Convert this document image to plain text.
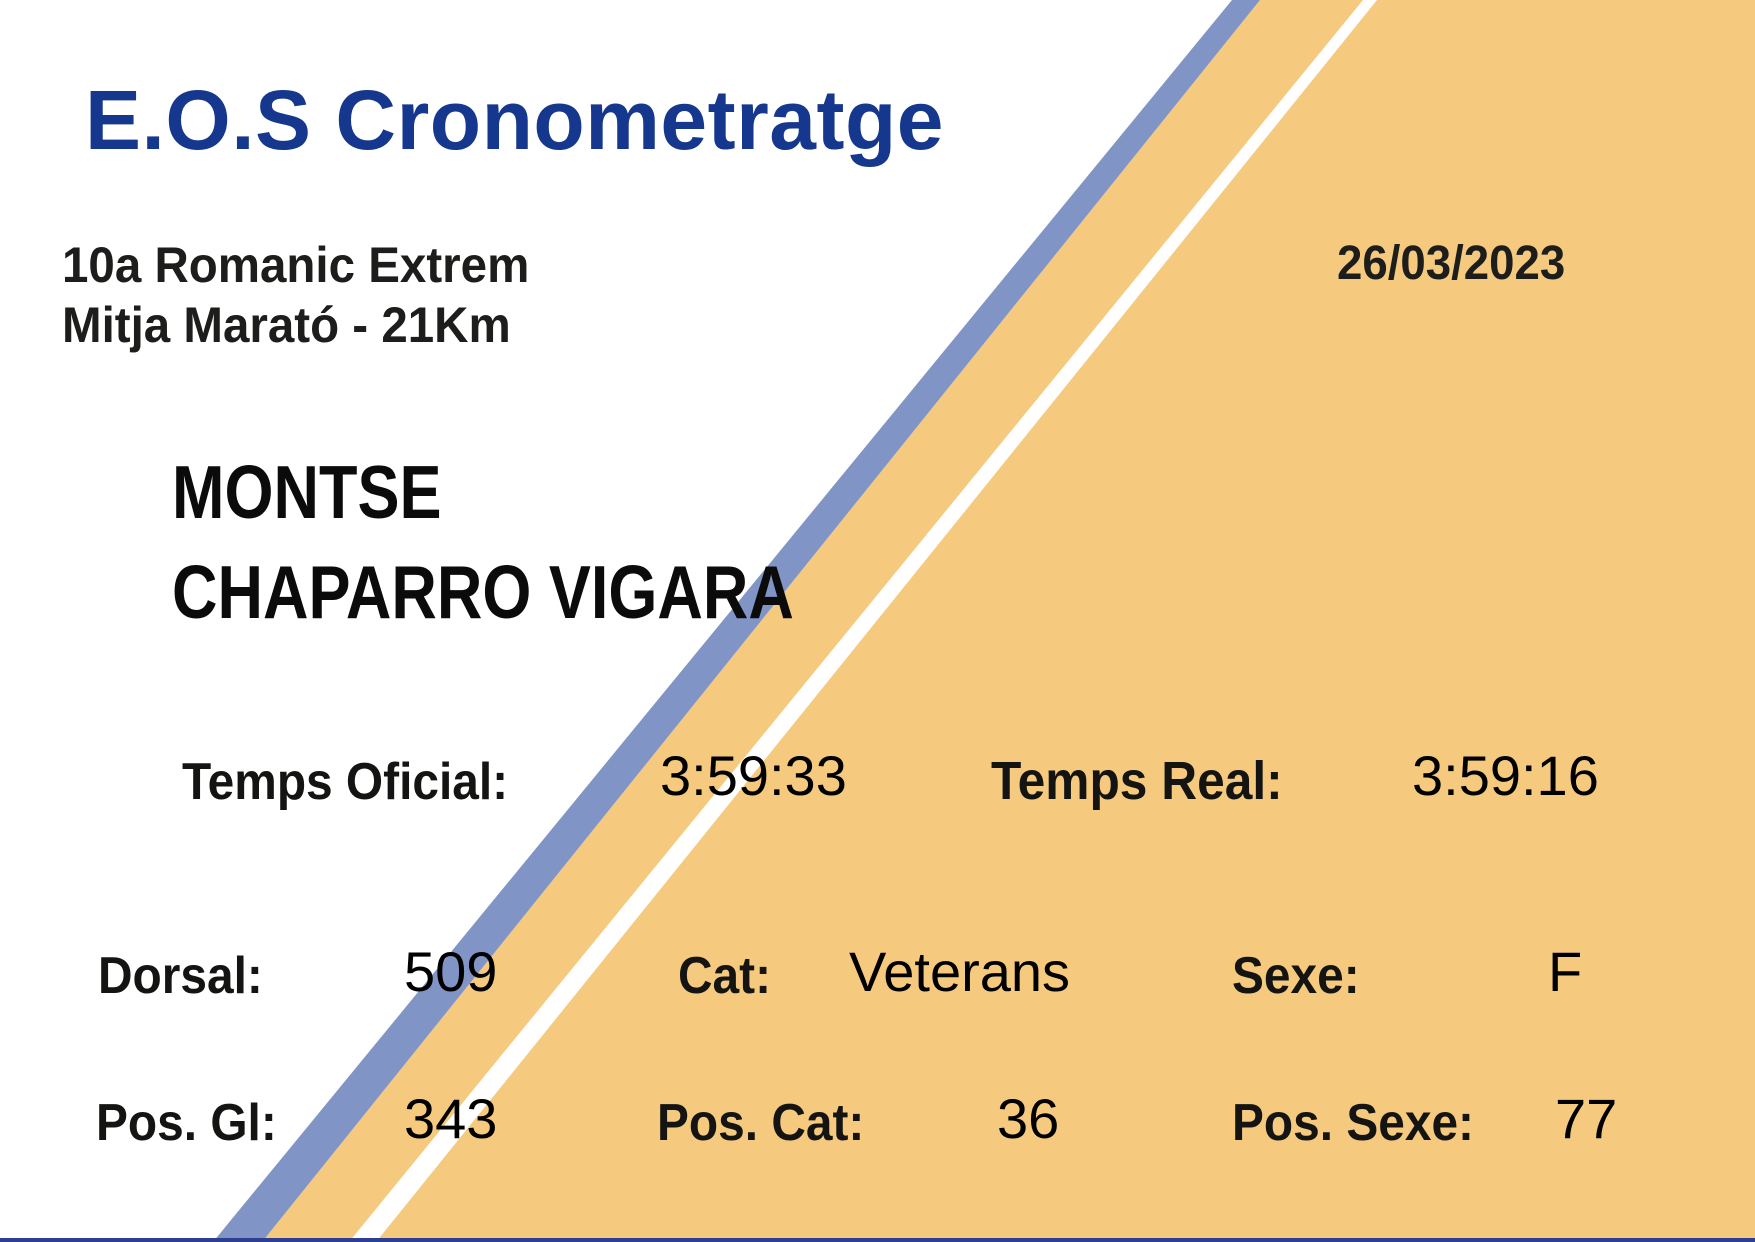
E.O.S Cronometratge
10a Romanic Extrem
Mitja Marató - 21Km
26/03/2023
MONTSE
CHAPARRO VIGARA
Temps Oficial:	3:59:33	Temps Real: 3:59:16
Dorsal:	509	Cat: Veterans	Sexe:	F
Pos. Gl: 343	Pos. Cat: 36	Pos. Sexe: 77
